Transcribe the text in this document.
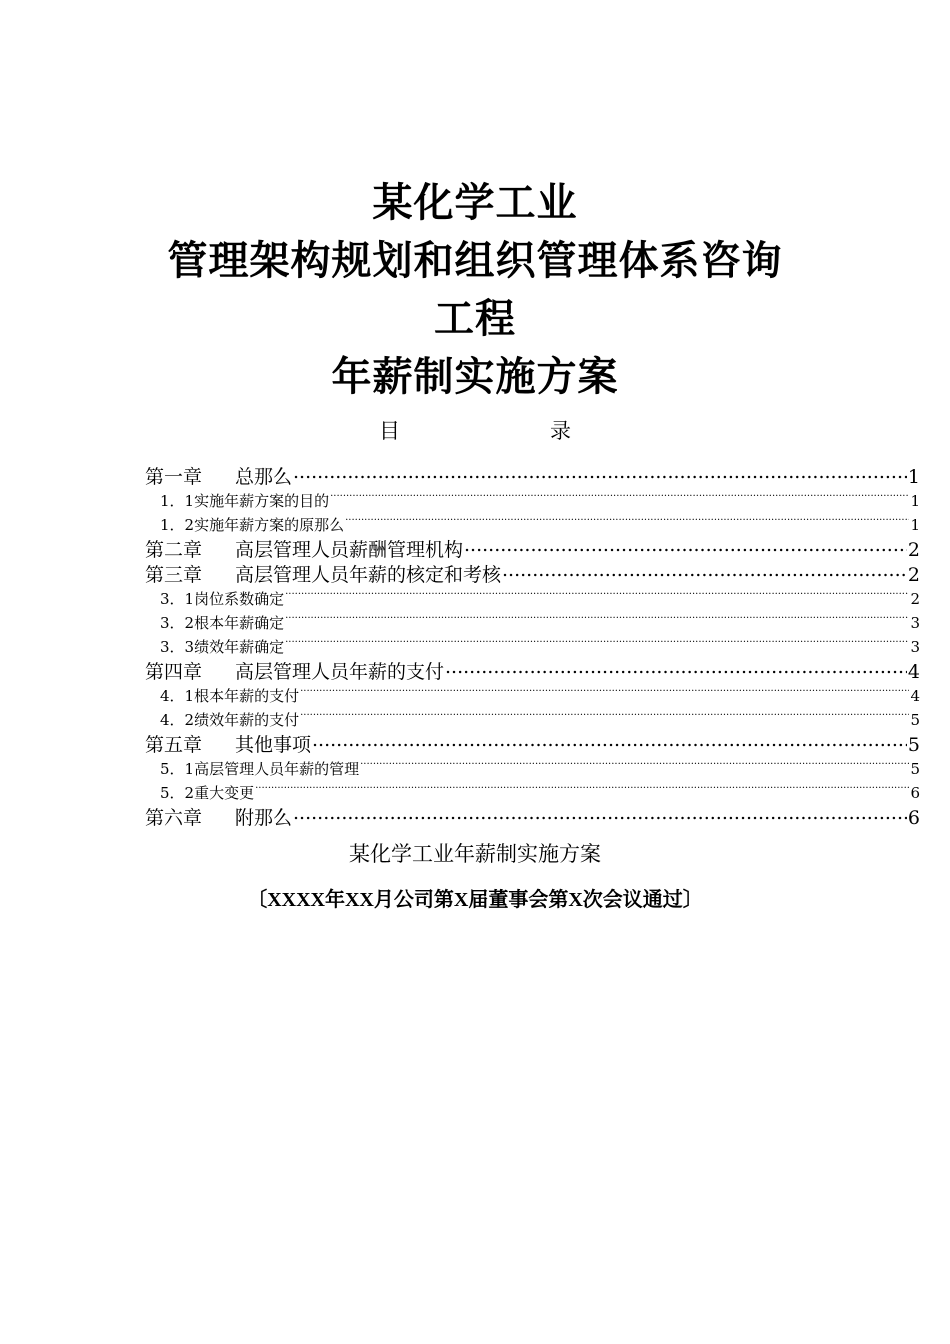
某化学工业
管理架构规划和组织管理体系咨询
工程
年薪制实施方案
目	录
第一章	总那么 .....	1
1．1 实施年薪方案的目的 .....	1
1．2 实施年薪方案的原那么 .....	1
第二章	高层管理人员薪酬管理机构 .....	2
第三章	高层管理人员年薪的核定和考核 .....	2
3．1 岗位系数确定 .....	2
3．2 根本年薪确定 .....	3
3．3 绩效年薪确定 .....	3
第四章	高层管理人员年薪的支付 .....	4
4．1 根本年薪的支付 .....	4
4．2 绩效年薪的支付 .....	5
第五章	其他事项 .....	5
5．1 高层管理人员年薪的管理 .....	5
5．2 重大变更 .....	6
第六章	附那么 .....	6
某化学工业年薪制实施方案
〔XXXX年XX月公司第X届董事会第X次会议通过〕
